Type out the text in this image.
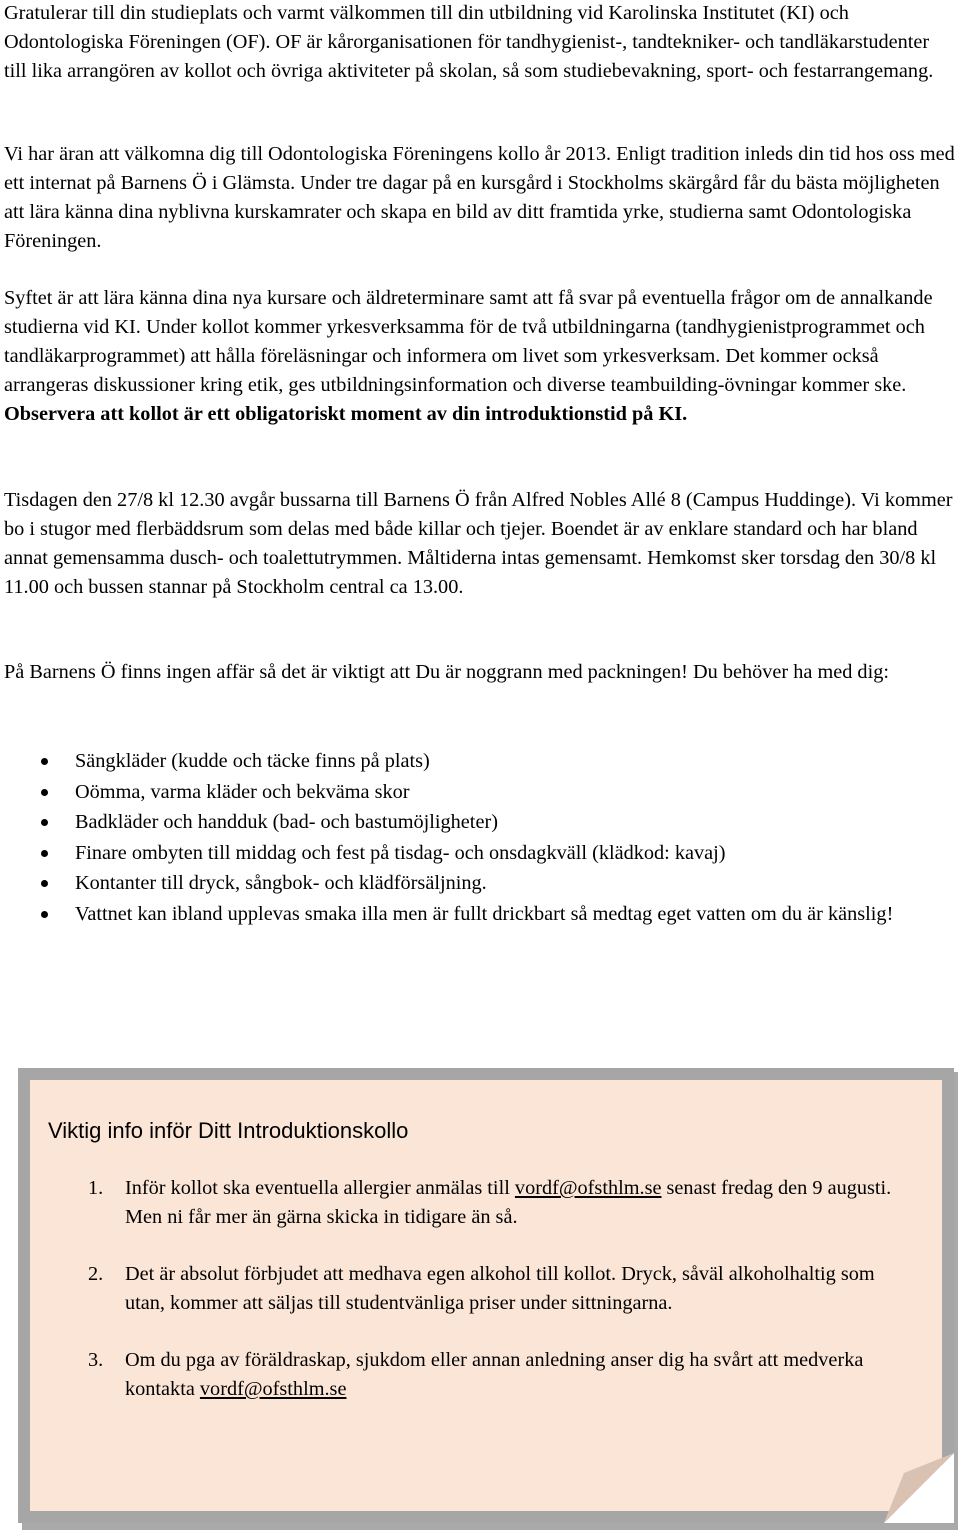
Gratulerar till din studieplats och varmt välkommen till din utbildning vid Karolinska Institutet (KI) och Odontologiska Föreningen (OF). OF är kårorganisationen för tandhygienist-, tandtekniker- och tandläkarstudenter till lika arrangören av kollot och övriga aktiviteter på skolan, så som studiebevakning, sport- och festarrangemang.

Vi har äran att välkomna dig till Odontologiska Föreningens kollo år 2013. Enligt tradition inleds din tid hos oss med ett internat på Barnens Ö i Glämsta. Under tre dagar på en kursgård i Stockholms skärgård får du bästa möjligheten att lära känna dina nyblivna kurskamrater och skapa en bild av ditt framtida yrke, studierna samt Odontologiska Föreningen.

Syftet är att lära känna dina nya kursare och äldreterminare samt att få svar på eventuella frågor om de annalkande studierna vid KI. Under kollot kommer yrkesverksamma för de två utbildningarna (tandhygienistprogrammet och tandläkarprogrammet) att hålla föreläsningar och informera om livet som yrkesverksam. Det kommer också arrangeras diskussioner kring etik, ges utbildningsinformation och diverse teambuilding-övningar kommer ske.

Observera att kollot är ett obligatoriskt moment av din introduktionstid på KI.

Tisdagen den 27/8 kl 12.30 avgår bussarna till Barnens Ö från Alfred Nobles Allé 8 (Campus Huddinge). Vi kommer bo i stugor med flerbäddsrum som delas med både killar och tjejer. Boendet är av enklare standard och har bland annat gemensamma dusch- och toalettutrymmen. Måltiderna intas gemensamt. Hemkomst sker torsdag den 30/8 kl 11.00 och bussen stannar på Stockholm central ca 13.00.

På Barnens Ö finns ingen affär så det är viktigt att Du är noggrann med packningen! Du behöver ha med dig:

Sängkläder (kudde och täcke finns på plats)
Oömma, varma kläder och bekväma skor
Badkläder och handduk (bad- och bastumöjligheter)
Finare ombyten till middag och fest på tisdag- och onsdagkväll (klädkod: kavaj)
Kontanter till dryck, sångbok- och klädförsäljning.
Vattnet kan ibland upplevas smaka illa men är fullt drickbart så medtag eget vatten om du är känslig!
Viktig info inför Ditt Introduktionskollo
1. Inför kollot ska eventuella allergier anmälas till vordf@ofsthlm.se senast fredag den 9 augusti. Men ni får mer än gärna skicka in tidigare än så.
2. Det är absolut förbjudet att medhava egen alkohol till kollot. Dryck, såväl alkoholhaltig som utan, kommer att säljas till studentvänliga priser under sittningarna.
3. Om du pga av föräldraskap, sjukdom eller annan anledning anser dig ha svårt att medverka kontakta vordf@ofsthlm.se
